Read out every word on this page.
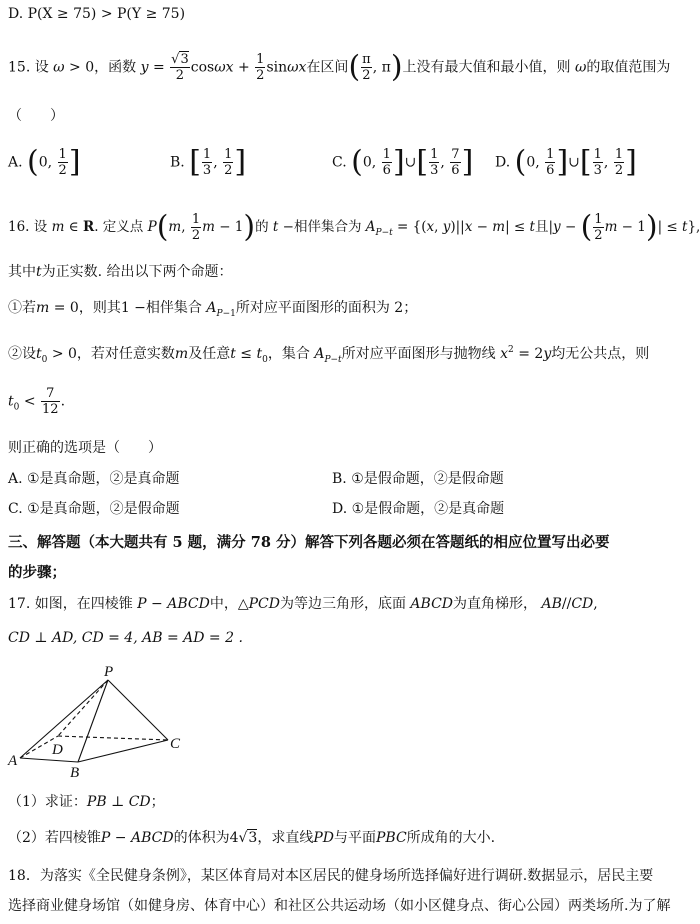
D. P(X ≥ 75) > P(Y ≥ 75)
15. 设 ω > 0，函数 $y = \frac{√3}{2}$ $\cos\omega x + \frac{1}{2}$ sinωx在区间( $\frac{\pi}{2}$ , π)上没有最大值和最小值，则 ω的取值范围为
（　　）
A. (0, $\frac{1}{2}$ ]	B. [ $\frac{1}{3}$ , $\frac{1}{2}$ ]	C. (0, $\frac{1}{6}$ ]∪[ $\frac{1}{3}$ , $\frac{7}{6}$ ] D. (0, $\frac{1}{6}$ ]∪[ $\frac{1}{3}$ , $\frac{1}{2}$ ]
16. 设 m ∈ R. 定义点 P(m, $\frac{1}{2}$ m − 1)的 t −相伴集合为 $A_{P-t} = \{(x$, y)||x − m| ≤ t且|y − ( $\frac{1}{2}$ m − 1)| ≤ t},
其中t为正实数. 给出以下两个命题：
①若m = 0，则其1 −相伴集合 $A_{P-1}$所对应平面图形的面积为 2；
②设$t_0 > 0$，若对任意实数m及任意$t \le t_0$，集合 $A_{P-t}$所对应平面图形与抛物线 $x^2 = 2y$均无公共点，则
$t_0 < \frac{7}{12}$ .
则正确的选项是（　　）
A. ①是真命题，②是真命题	B. ①是假命题，②是假命题
C. ①是真命题，②是假命题	D. ①是假命题，②是真命题
三、解答题（本大题共有 5 题，满分 78 分）解答下列各题必须在答题纸的相应位置写出必要
的步骤；
17. 如图，在四棱锥 P − ABCD中，△PCD为等边三角形，底面 ABCD为直角梯形， AB//CD,
CD ⊥ AD, CD = 4, AB = AD = 2 .
P
A
B
C
D
（1）求证：PB ⊥ CD；
（2）若四棱锥P − ABCD的体积为4√3，求直线PD与平面PBC所成角的大小.
18．为落实《全民健身条例》，某区体育局对本区居民的健身场所选择偏好进行调研.数据显示，居民主要
选择商业健身场馆（如健身房、体育中心）和社区公共运动场（如小区健身点、街心公园）两类场所.为了解
